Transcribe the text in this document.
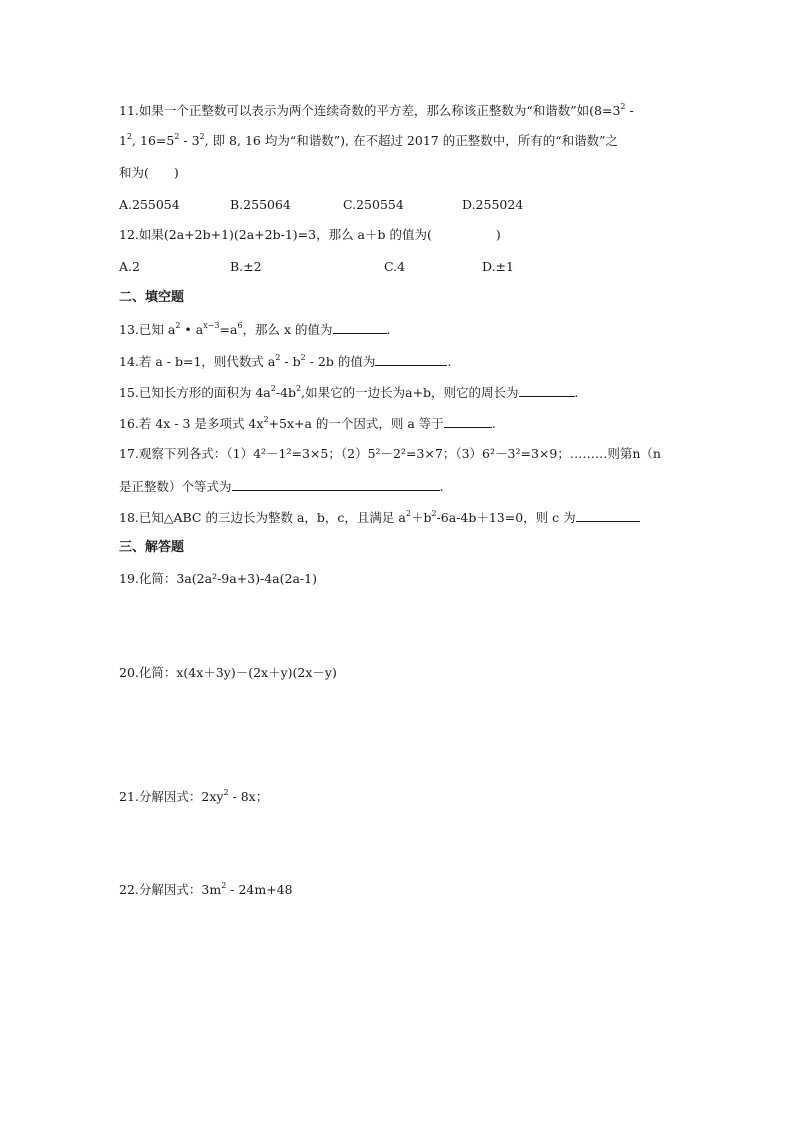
11.如果一个正整数可以表示为两个连续奇数的平方差，那么称该正整数为“和谐数”如($8=3^2$ -
$1^2$, $16=5^2 - 3^2$, 即 8, 16 均为“和谐数”), 在不超过 2017 的正整数中，所有的“和谐数”之
和为(　　)
A.255054	B.255064	C.250554	D.255024
12.如果(2a+2b+1)(2a+2b-1)=3，那么 a＋b 的值为(	)
A.2	B.±2	C.4	D.±1
二、填空题
13.已知 $a^2$ • $a^{x-3}=a^6$，那么 x 的值为	.
14.若 a - b=1，则代数式 $a^2 - b^2 - 2b$ 的值为	.
15.已知长方形的面积为 $4a^2-4b^2$,如果它的一边长为a+b，则它的周长为	.
16.若 4x - 3 是多项式 $4x^2+5x+a$ 的一个因式，则 a 等于	.
17.观察下列各式：（1）4²－1²=3×5；（2）5²－2²=3×7；（3）6²－3²=3×9；………则第n（n
是正整数）个等式为	.
18.已知△ABC 的三边长为整数 a，b，c，且满足 $a^2+b^2-6a-4b+13=0$，则 c 为
三、解答题
19.化简：3a(2a²-9a+3)-4a(2a-1)
20.化简：x(4x＋3y)－(2x＋y)(2x－y)
21.分解因式：$2xy^2 - 8x$；
22.分解因式：$3m^2 - 24m+48$
